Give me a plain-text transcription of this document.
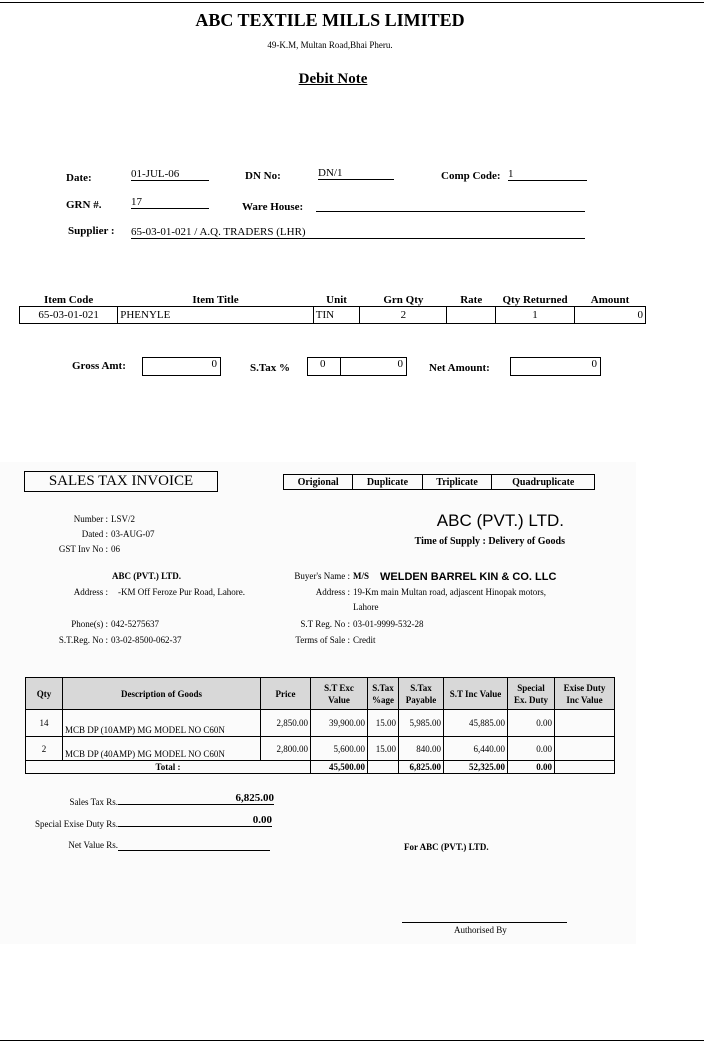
ABC TEXTILE MILLS LIMITED
49-K.M, Multan Road,Bhai Pheru.
Debit Note
Date:	01-JUL-06	DN No:	DN/1	Comp Code: 1
GRN #.	17	Ware House:
Supplier : 65-03-01-021 / A.Q. TRADERS (LHR)
Item Code	Item Title	Unit	Grn Qty	Rate	Qty Returned	Amount
65-03-01-021	PHENYLE	TIN	2		1	0
Gross Amt:	0	S.Tax %	0	0	Net Amount:	0
SALES TAX INVOICE	Origional	Duplicate	Triplicate	Quadruplicate
Number : LSV/2
Dated : 03-AUG-07
GST Inv No : 06
ABC (PVT.) LTD.
Time of Supply : Delivery of Goods
ABC (PVT.) LTD.
Address : -KM Off Feroze Pur Road, Lahore.
Phone(s) : 042-5275637
S.T.Reg. No : 03-02-8500-062-37
Buyer's Name : M/S WELDEN BARREL KIN & CO. LLC
Address : 19-Km main Multan road, adjascent Hinopak motors,
Lahore
S.T Reg. No : 03-01-9999-532-28
Terms of Sale : Credit
Qty	Description of Goods	Price	S.T Exc Value	S.Tax %age	S.Tax Payable	S.T Inc Value	Special Ex. Duty	Exise Duty Inc Value
14	MCB DP (10AMP) MG MODEL NO C60N	2,850.00	39,900.00	15.00	5,985.00	45,885.00	0.00	
2	MCB DP (40AMP) MG MODEL NO C60N	2,800.00	5,600.00	15.00	840.00	6,440.00	0.00	
Total :			45,500.00		6,825.00	52,325.00	0.00	
Sales Tax Rs.	6,825.00
Special Exise Duty Rs.	0.00
Net Value Rs.	For ABC (PVT.) LTD.
Authorised By
